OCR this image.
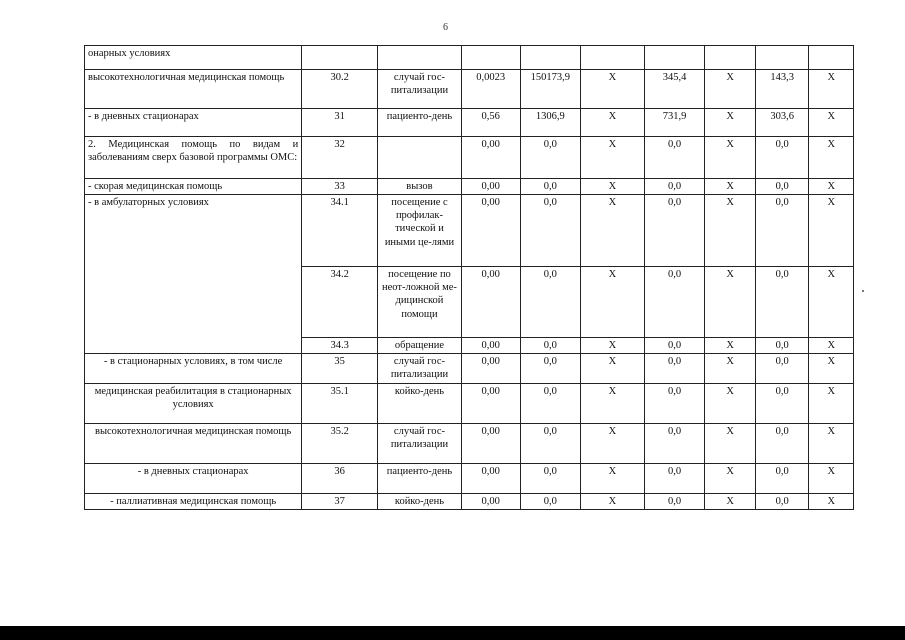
6
онарных условиях									
высокотехнологичная медицинская помощь	30.2	случай гос-питализации	0,0023	150173,9	Х	345,4	Х	143,3	Х
- в дневных стационарах	31	пациенто-день	0,56	1306,9	Х	731,9	Х	303,6	Х
2. Медицинская помощь по видам и заболеваниям сверх базовой программы ОМС:	32		0,00	0,0	Х	0,0	Х	0,0	Х
- скорая медицинская помощь	33	вызов	0,00	0,0	Х	0,0	Х	0,0	Х
- в амбулаторных условиях	34.1	посещение с профилак-тической и иными це-лями	0,00	0,0	Х	0,0	Х	0,0	Х
	34.2	посещение по неот-ложной ме-дицинской помощи	0,00	0,0	Х	0,0	Х	0,0	Х
	34.3	обращение	0,00	0,0	Х	0,0	Х	0,0	Х
- в стационарных условиях, в том числе	35	случай гос-питализации	0,00	0,0	Х	0,0	Х	0,0	Х
медицинская реабилитация в стационарных условиях	35.1	койко-день	0,00	0,0	Х	0,0	Х	0,0	Х
высокотехнологичная медицинская помощь	35.2	случай гос-питализации	0,00	0,0	Х	0,0	Х	0,0	Х
- в дневных стационарах	36	пациенто-день	0,00	0,0	Х	0,0	Х	0,0	Х
- паллиативная медицинская помощь	37	койко-день	0,00	0,0	Х	0,0	Х	0,0	Х
